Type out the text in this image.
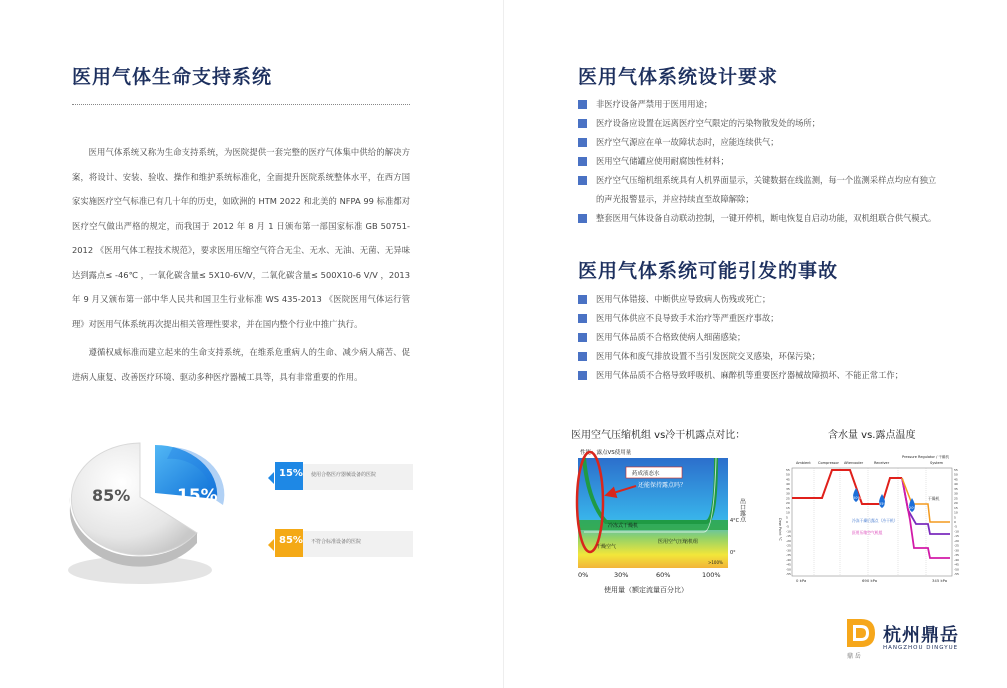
医用气体生命支持系统

医用气体系统又称为生命支持系统，为医院提供一套完整的医疗气体集中供给的解决方案，将设计、安装、验收、操作和维护系统标准化，全面提升医院系统整体水平，在西方国家实施医疗空气标准已有几十年的历史，如欧洲的 HTM 2022 和北美的 NFPA 99 标准都对医疗空气做出严格的规定，而我国于 2012 年 8 月 1 日颁布第一部国家标准 GB 50751-2012 《医用气体工程技术规范》，要求医用压缩空气符合无尘、无水、无油、无菌、无异味达到露点≤ -46℃ ，一氧化碳含量≤ 5X10-6V/V，二氧化碳含量≤ 500X10-6 V/V ，2013 年 9 月又颁布第一部中华人民共和国卫生行业标准 WS 435-2013 《医院医用气体运行管理》对医用气体系统再次提出相关管理性要求，并在国内整个行业中推广执行。

遵循权威标准而建立起来的生命支持系统，在维系危重病人的生命、减少病人痛苦、促进病人康复、改善医疗环境、驱动多种医疗器械工具等，具有非常重要的作用。

85%	15%
15% 使用合格医疗器械设备的医院
85% 不符合标准设备的医院
医用气体系统设计要求
非医疗设备严禁用于医用用途；
医疗设备应设置在远离医疗空气限定的污染物散发处的场所；
医疗空气源应在单一故障状态时，应能连续供气；
医用空气储罐应使用耐腐蚀性材料；
医疗空气压缩机组系统具有人机界面显示，关键数据在线监测，每一个监测采样点均应有独立的声光报警显示，并应持续直至故障解除；
整套医用气体设备自动联动控制，一键开停机，断电恢复自启动功能，双机组联合供气模式。
医用气体系统可能引发的事故
医用气体错接、中断供应导致病人伤残或死亡；
医用气体供应不良导致手术治疗等严重医疗事故；
医用气体品质不合格致使病人细菌感染；
医用气体和废气排放设置不当引发医院交叉感染，环保污染；
医用气体品质不合格导致呼吸机、麻醉机等重要医疗器械故障损坏、不能正常工作；
医用空气压缩机组 vs冷干机露点对比：
性能：露点VS使用量
药成液态水
还能保持露点吗？
冷冻式干燥机
干燥空气
医用空气压缩机组
4°C
0°
>100%
出口露点
0%	30%	60%	100%
使用量（额定流量百分比）
含水量 vs.露点温度
Ambient Compressor Aftercooler	Receiver
Pressure Regulator / 干燥机
System
50%
55%
20%
冷冻干燥后露点（冷干机）
医用压缩空气机组
干燥机
55	55
50	50
45	45
40	40
35	35
30	30
25	25
20	20
15	15
10	10
5	5
0	0
-5	-5
-10	-10
-15	-15
-20	-20
-25	-25
-30	-30
-35	-35
-40	-40
-45	-45
-50	-50
-55	-55
Dew Point °C
0 kPa	690 kPa	345 kPa
鼎 岳
杭州鼎岳
HANGZHOU DINGYUE
